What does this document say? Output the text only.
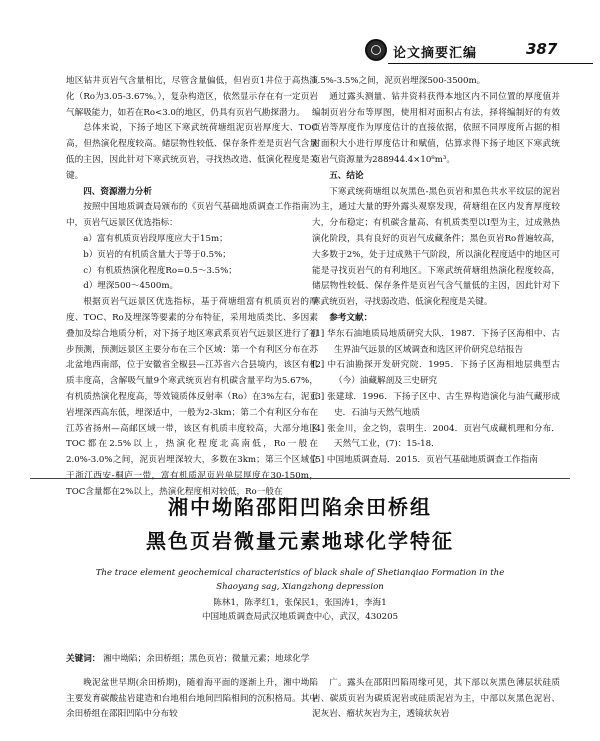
论文摘要汇编	387

地区钻井页岩气含量相比，尽管含量偏低，但岩页1井位于高热演化（Ro为3.05-3.67%。），复杂构造区，依然显示存在有一定页岩气解吸能力，如若在Ro<3.0的地区，仍具有页岩气勘探潜力。

总体来说，下扬子地区下寒武统荷塘组泥页岩厚度大、TOC高，但热演化程度较高。储层物性较低、保存条件差是页岩气含量低的主因，因此针对下寒武统页岩，寻找热改造、低演化程度是关键。

四、资源潜力分析

按照中国地质调查局颁布的《页岩气基础地质调查工作指南》中，页岩气远景区优选指标：

a）富有机质页岩段厚度应大于15m；

b）页岩的有机质含量大于等于0.5%；

c）有机质热演化程度Ro=0.5～3.5%；

d）埋深500～4500m。

根据页岩气远景区优选指标，基于荷塘组富有机质页岩的厚度、TOC、Ro及埋深等要素的分布特征，采用地质类比、多因素叠加及综合地质分析，对下扬子地区寒武系页岩气远景区进行了初步预测，预测远景区主要分布在三个区域：第一个有利区分布在苏北盆地西南部，位于安徽省全椒县—江苏省六合县境内，该区有机质丰度高，含解吸气量9个寒武统页岩有机碳含量平均为5.67%，有机质热演化程度高，等效镜质体反射率（Ro）在3%左右，泥页岩埋深西高东低，埋深适中，一般为2-3km；第二个有利区分布在江苏省扬州—高邮区域一带，该区有机质丰度较高，大部分地区TOC都在2.5%以上，热演化程度北高南低，Ro一般在2.0%-3.0%之间，泥页岩埋深较大，多数在3km；第三个区域位于浙江西安-桐庐一带，富有机质泥页岩单层厚度在30-150m，TOC含量都在2%以上，热演化程度相对较低，Ro一般在

1.5%-3.5%之间，泥页岩埋深500-3500m。

通过露头测量、钻井资料获得本地区内不同位置的厚度值并编制页岩分布等厚图，使用相对面积占有法，择将编制好的有效页岩等厚度作为厚度估计的直接依据，依照不同厚度所占据的相对面积大小进行厚度估计和赋值，估算求得下扬子地区下寒武统页岩气资源量为288944.4×10⁸m³。

五、结论

下寒武统荷塘组以灰黑色-黑色页岩和黑色共水平纹层的泥岩为主，通过大量的野外露头观察发现，荷塘组在区内发育厚度较大，分布稳定；有机碳含量高、有机质类型以Ⅰ型为主，过成熟热演化阶段，具有良好的页岩气成藏条件；黑色页岩Ro普遍较高，大多数于2%，处于过成熟干气阶段，所以演化程度适中的地区可能是寻找页岩气的有利地区。下寒武统荷塘组热演化程度较高，储层物性较低、保存条件是页岩气含气量低的主因，因此针对下寒武统页岩，寻找弱改造、低演化程度是关键。

参考文献：

[1] 华东石油地质局地质研究大队．1987．下扬子区海相中、古生界油气远景的区域调查和选区评价研究总结报告

[2] 中石油勘探开发研究院．1995．下扬子区海相地层典型古（今）油藏解剖及三史研究

[3] 张建球．1996．下扬子区中、古生界构造演化与油气藏形成史．石油与天然气地质

[4] 张金川，金之钧，袁明生．2004．页岩气成藏机理和分布．天然气工业，(7)：15-18．

[5] 中国地质调查局．2015．页岩气基础地质调查工作指南

湘中坳陷邵阳凹陷余田桥组
黑色页岩微量元素地球化学特征
The trace element geochemical characteristics of black shale of Shetianqiao Formation in the
Shaoyang sag, Xiangzhong depression
陈林1，陈孝红1，张保民1，张国涛1，李海1
中国地质调查局武汉地质调查中心，武汉，430205
关键词： 湘中坳陷；余田桥组；黑色页岩；微量元素；地球化学

晚泥盆世早期(余田桥期)，随着海平面的逐渐上升，湘中坳陷主要发育碳酸盐岩建造和台地相台地间凹陷相间的沉积格局。其中余田桥组在邵阳凹陷中分布较

广。露头在邵阳凹陷周缘可见，其下部以灰黑色薄层状硅质岩、碳质页岩为碳质泥岩或硅质泥岩为主，中部以灰黑色泥岩、泥灰岩、瘤状灰岩为主，透镜状灰岩
